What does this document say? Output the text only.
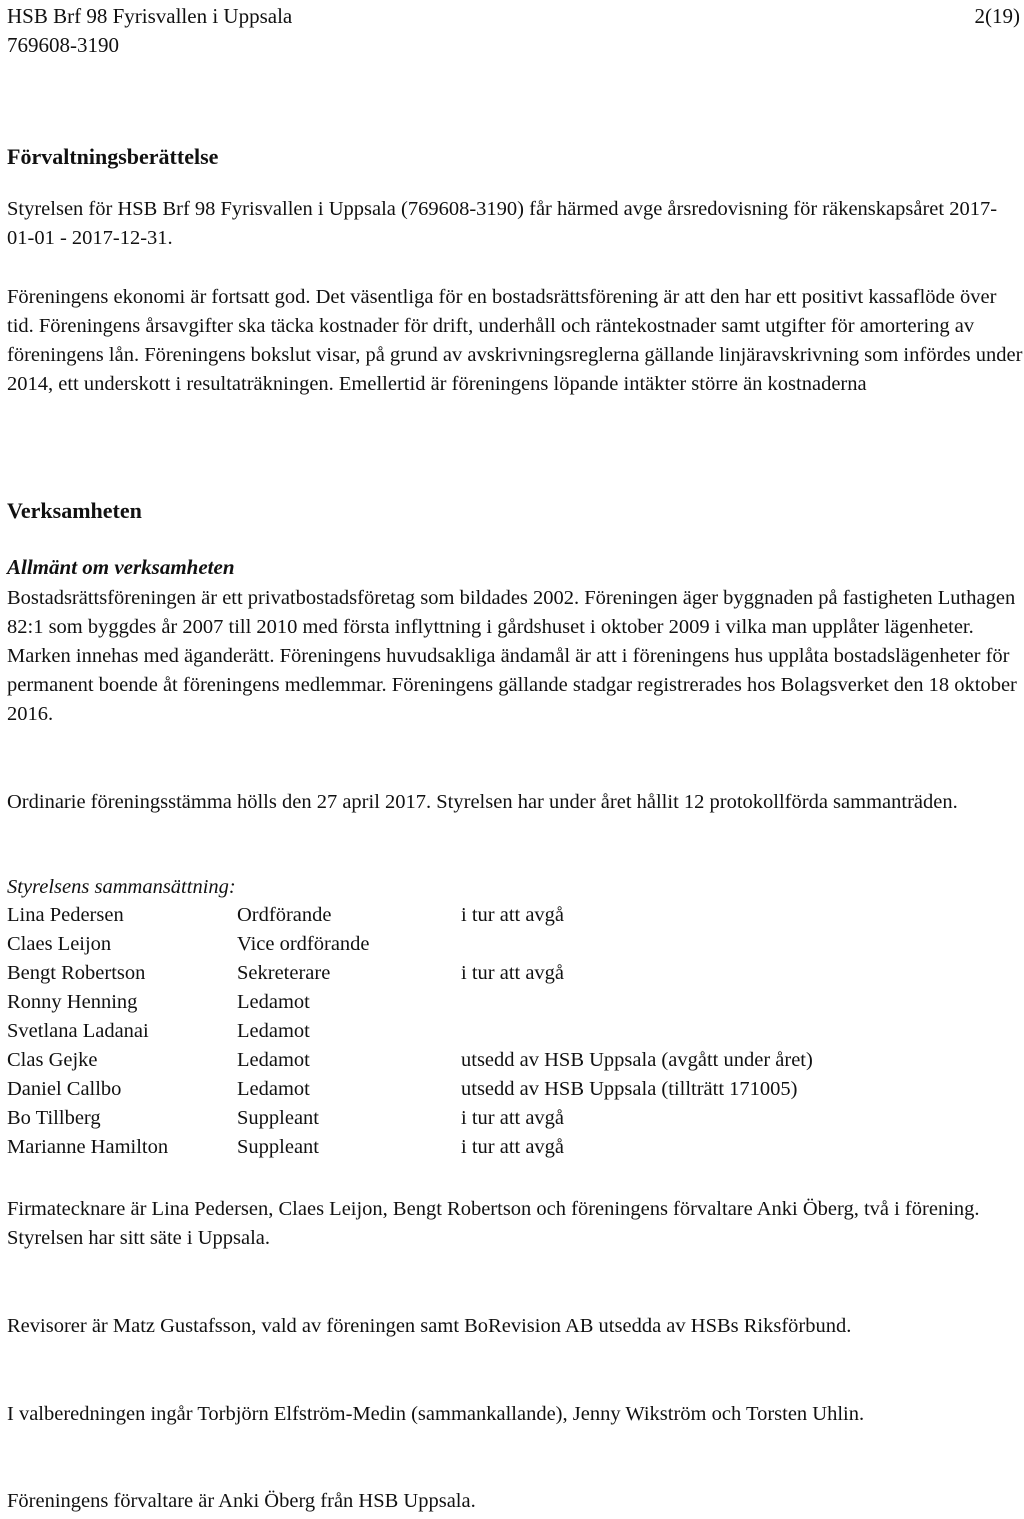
HSB Brf 98 Fyrisvallen i Uppsala
769608-3190
2(19)
Förvaltningsberättelse

Styrelsen för HSB Brf 98 Fyrisvallen i Uppsala (769608-3190) får härmed avge årsredovisning för räkenskapsåret 2017-01-01 - 2017-12-31.

Föreningens ekonomi är fortsatt god. Det väsentliga för en bostadsrättsförening är att den har ett positivt kassaflöde över tid. Föreningens årsavgifter ska täcka kostnader för drift, underhåll och räntekostnader samt utgifter för amortering av föreningens lån. Föreningens bokslut visar, på grund av avskrivningsreglerna gällande linjäravskrivning som infördes under 2014, ett underskott i resultaträkningen. Emellertid är föreningens löpande intäkter större än kostnaderna

Verksamheten
Allmänt om verksamheten

Bostadsrättsföreningen är ett privatbostadsföretag som bildades 2002. Föreningen äger byggnaden på fastigheten Luthagen 82:1 som byggdes år 2007 till 2010 med första inflyttning i gårdshuset i oktober 2009 i vilka man upplåter lägenheter. Marken innehas med äganderätt. Föreningens huvudsakliga ändamål är att i föreningens hus upplåta bostadslägenheter för permanent boende åt föreningens medlemmar. Föreningens gällande stadgar registrerades hos Bolagsverket den 18 oktober 2016.

Ordinarie föreningsstämma hölls den 27 april 2017. Styrelsen har under året hållit 12 protokollförda sammanträden.

Styrelsens sammansättning:
Lina Pedersen	Ordförande	i tur att avgå
Claes Leijon	Vice ordförande	
Bengt Robertson	Sekreterare	i tur att avgå
Ronny Henning	Ledamot	
Svetlana Ladanai	Ledamot	
Clas Gejke	Ledamot	utsedd av HSB Uppsala (avgått under året)
Daniel Callbo	Ledamot	utsedd av HSB Uppsala (tillträtt 171005)
Bo Tillberg	Suppleant	i tur att avgå
Marianne Hamilton	Suppleant	i tur att avgå

Firmatecknare är Lina Pedersen, Claes Leijon, Bengt Robertson och föreningens förvaltare Anki Öberg, två i förening.

Styrelsen har sitt säte i Uppsala.

Revisorer är Matz Gustafsson, vald av föreningen samt BoRevision AB utsedda av HSBs Riksförbund.

I valberedningen ingår Torbjörn Elfström-Medin (sammankallande), Jenny Wikström och Torsten Uhlin.

Föreningens förvaltare är Anki Öberg från HSB Uppsala.
